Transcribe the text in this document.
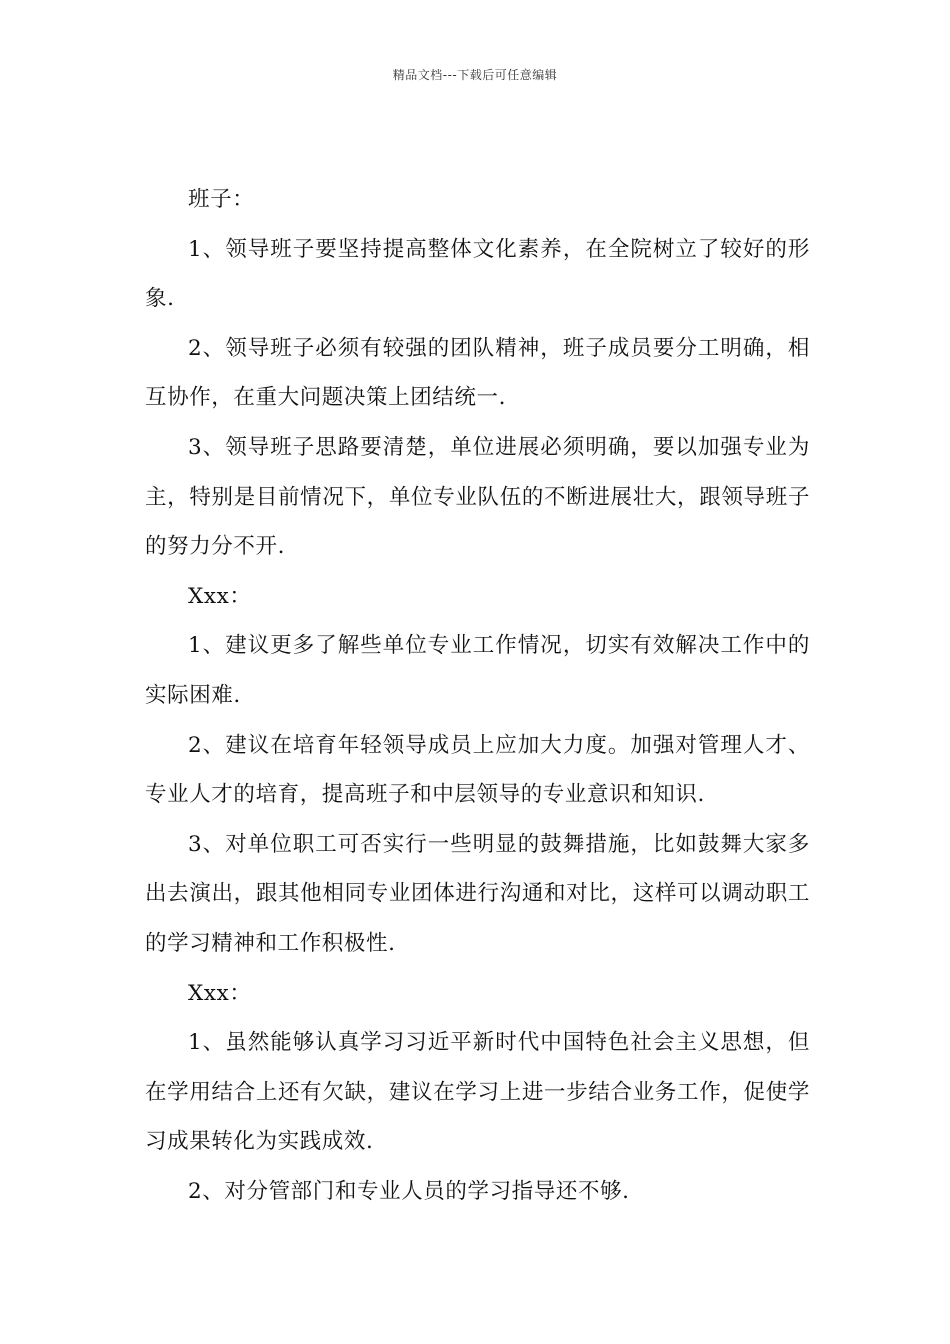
精品文档---下载后可任意编辑

班子：

1、领导班子要坚持提高整体文化素养，在全院树立了较好的形象.

2、领导班子必须有较强的团队精神，班子成员要分工明确，相互协作，在重大问题决策上团结统一.

3、领导班子思路要清楚，单位进展必须明确，要以加强专业为主，特别是目前情况下，单位专业队伍的不断进展壮大，跟领导班子的努力分不开.

Xxx：

1、建议更多了解些单位专业工作情况，切实有效解决工作中的实际困难.

2、建议在培育年轻领导成员上应加大力度。加强对管理人才、专业人才的培育，提高班子和中层领导的专业意识和知识.

3、对单位职工可否实行一些明显的鼓舞措施，比如鼓舞大家多出去演出，跟其他相同专业团体进行沟通和对比，这样可以调动职工的学习精神和工作积极性.

Xxx：

1、虽然能够认真学习习近平新时代中国特色社会主义思想，但在学用结合上还有欠缺，建议在学习上进一步结合业务工作，促使学习成果转化为实践成效.

2、对分管部门和专业人员的学习指导还不够.
